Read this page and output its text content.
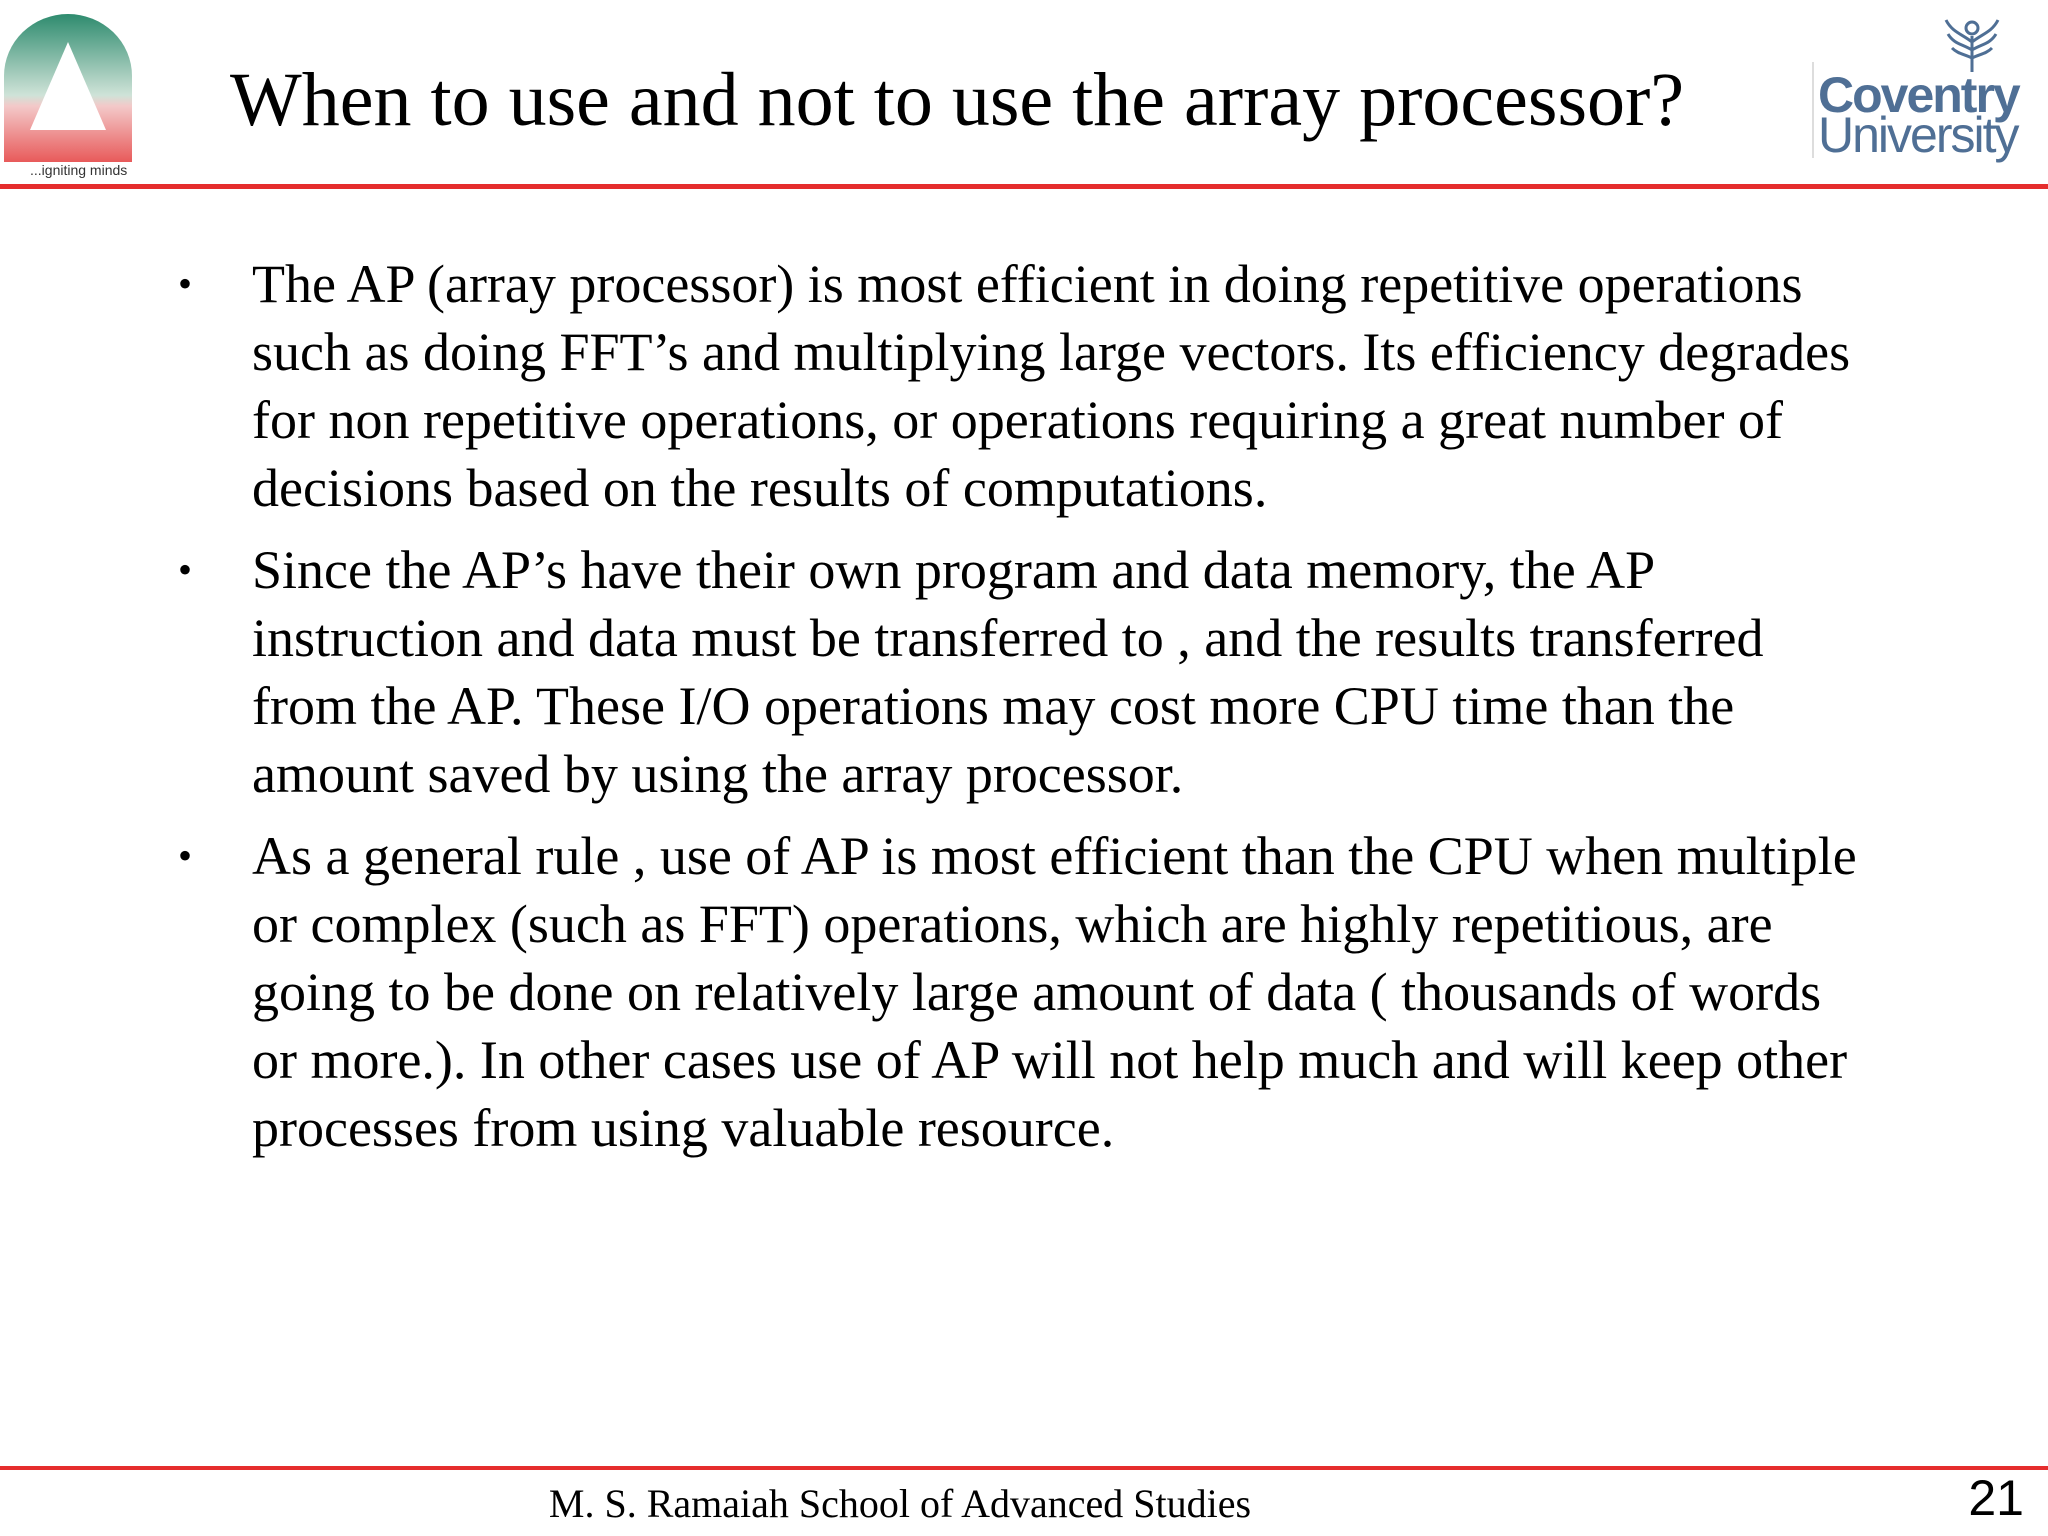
...igniting minds
When to use and not to use the array processor?	Coventry
University
• The AP (array processor) is most efficient in doing repetitive operations such as doing FFT’s and multiplying large vectors. Its efficiency degrades for non repetitive operations, or operations requiring a great number of decisions based on the results of computations.
• Since the AP’s have their own program and data memory, the AP instruction and data must be transferred to , and the results transferred from the AP. These I/O operations may cost more CPU time than the amount saved by using the array processor.
• As a general rule , use of AP is most efficient than the CPU when multiple or complex (such as FFT) operations, which are highly repetitious, are going to be done on relatively large amount of data ( thousands of words or more.). In other cases use of AP will not help much and will keep other processes from using valuable resource.
M. S. Ramaiah School of Advanced Studies	21
